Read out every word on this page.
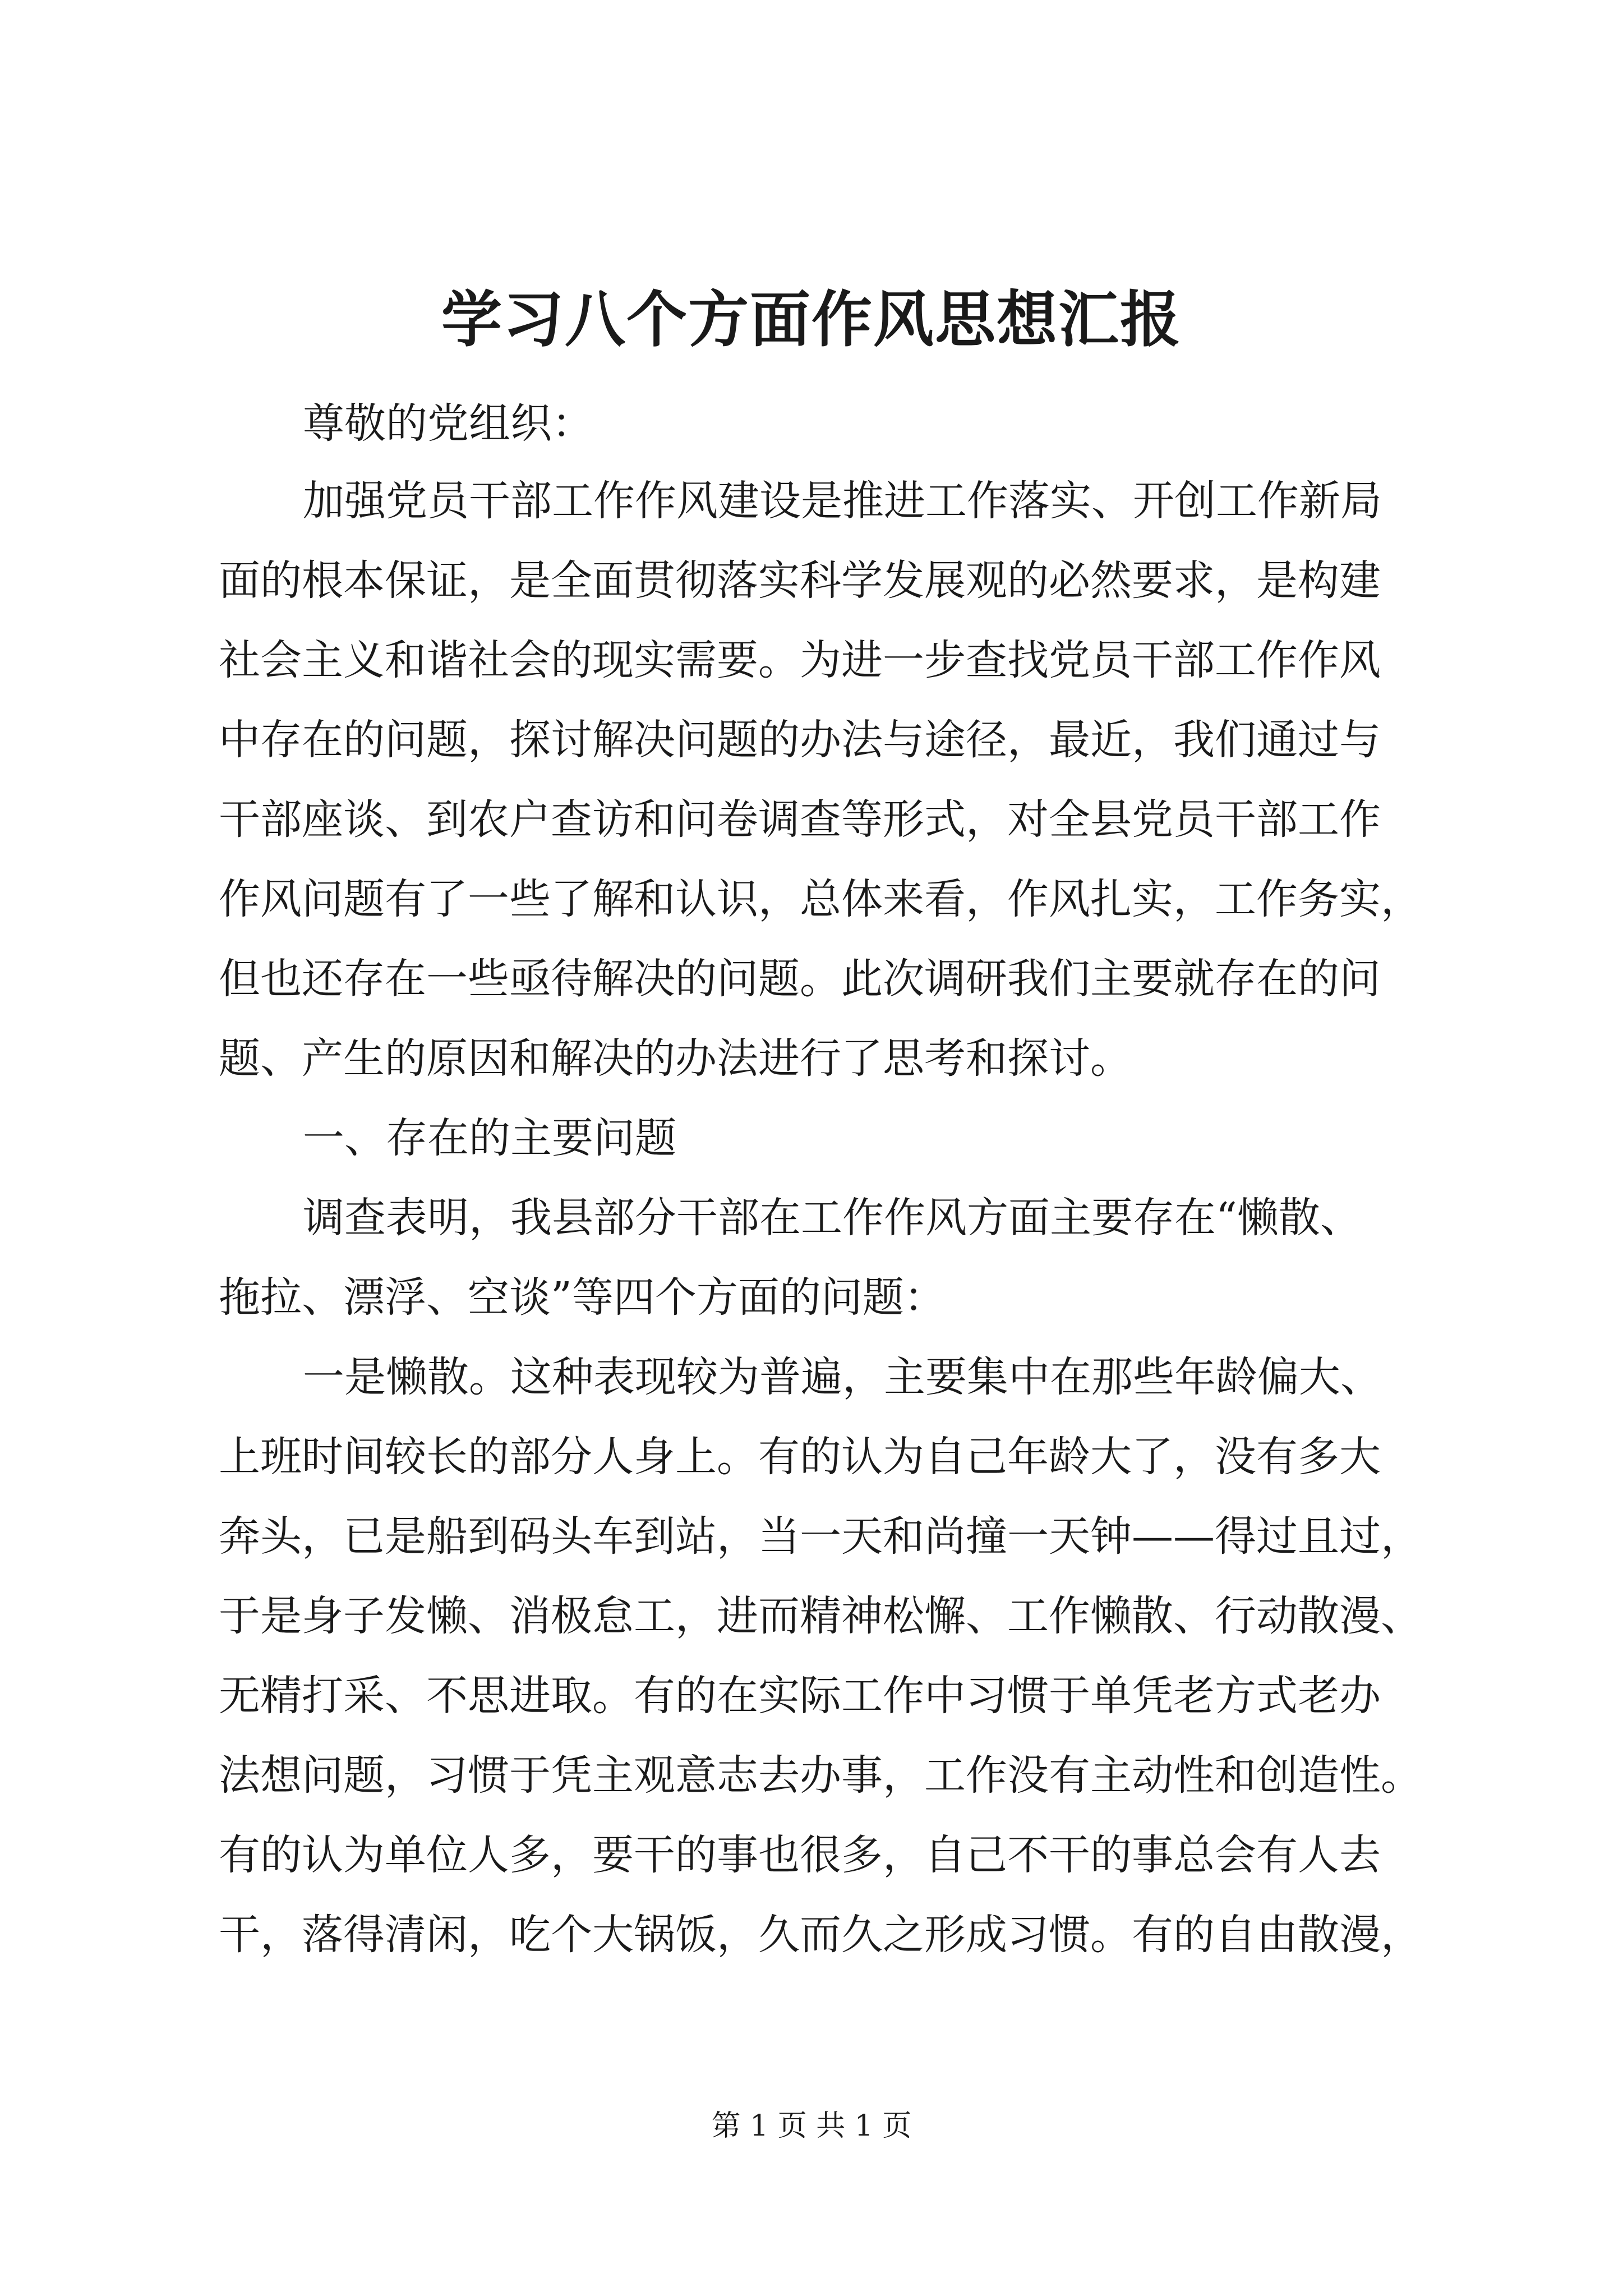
学习八个方面作风思想汇报
尊敬的党组织：
加强党员干部工作作风建设是推进工作落实、开创工作新局
面的根本保证，是全面贯彻落实科学发展观的必然要求，是构建
社会主义和谐社会的现实需要。为进一步查找党员干部工作作风
中存在的问题，探讨解决问题的办法与途径，最近，我们通过与
干部座谈、到农户查访和问卷调查等形式，对全县党员干部工作
作风问题有了一些了解和认识，总体来看，作风扎实，工作务实，
但也还存在一些亟待解决的问题。此次调研我们主要就存在的问
题、产生的原因和解决的办法进行了思考和探讨。
一、存在的主要问题
调查表明，我县部分干部在工作作风方面主要存在“懒散、
拖拉、漂浮、空谈”等四个方面的问题：
一是懒散。这种表现较为普遍，主要集中在那些年龄偏大、
上班时间较长的部分人身上。有的认为自己年龄大了，没有多大
奔头，已是船到码头车到站，当一天和尚撞一天钟——得过且过，
于是身子发懒、消极怠工，进而精神松懈、工作懒散、行动散漫、
无精打采、不思进取。有的在实际工作中习惯于单凭老方式老办
法想问题，习惯于凭主观意志去办事，工作没有主动性和创造性。
有的认为单位人多，要干的事也很多，自己不干的事总会有人去
干，落得清闲，吃个大锅饭，久而久之形成习惯。有的自由散漫，
第 1 页 共 1 页
